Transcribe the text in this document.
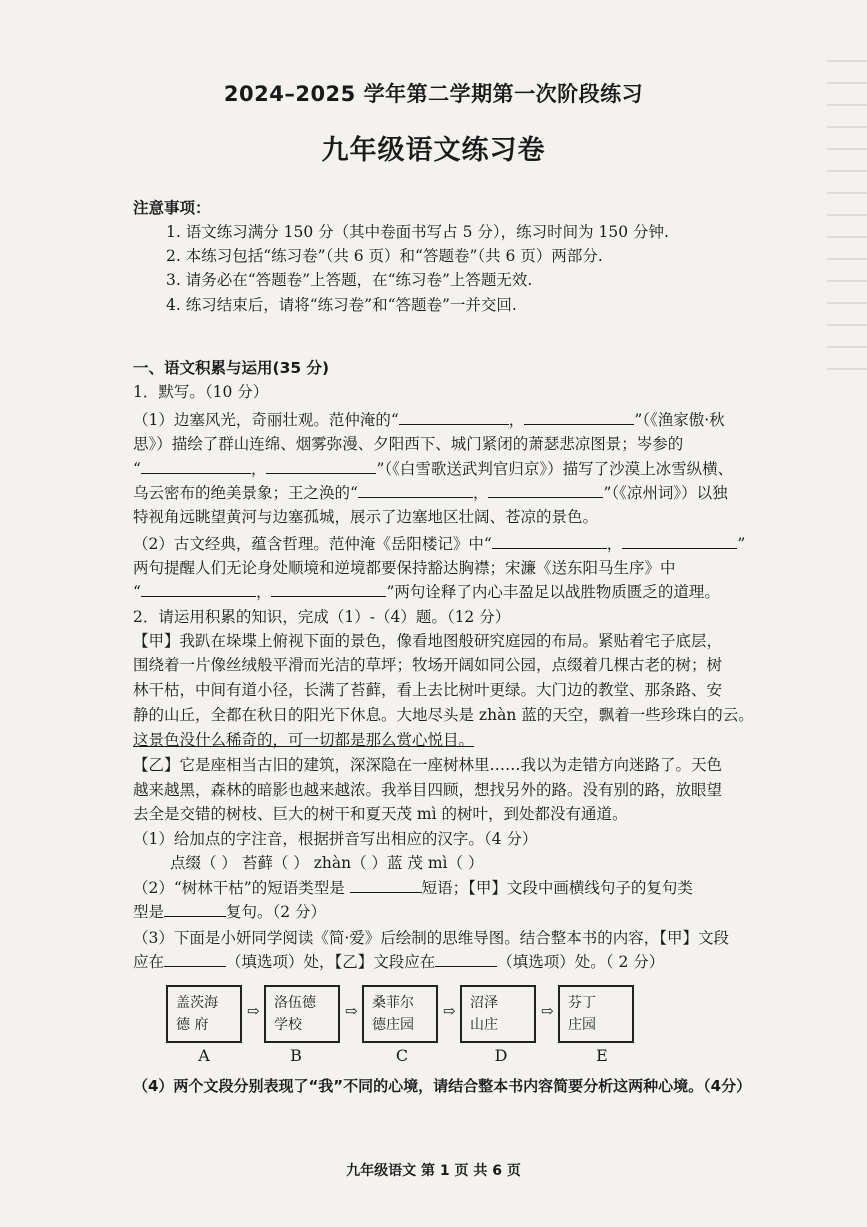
2024–2025 学年第二学期第一次阶段练习
九年级语文练习卷
注意事项：
1. 语文练习满分 150 分（其中卷面书写占 5 分），练习时间为 150 分钟.
2. 本练习包括“练习卷”（共 6 页）和“答题卷”（共 6 页）两部分.
3. 请务必在“答题卷”上答题，在“练习卷”上答题无效.
4. 练习结束后，请将“练习卷”和“答题卷”一并交回.
一、语文积累与运用(35 分)
1．默写。（10 分）
（1）边塞风光，奇丽壮观。范仲淹的“	，	”（《渔家傲·秋
思》）描绘了群山连绵、烟雾弥漫、夕阳西下、城门紧闭的萧瑟悲凉图景；岑参的
“	，	”（《白雪歌送武判官归京》）描写了沙漠上冰雪纵横、
乌云密布的绝美景象；王之涣的“	，	”（《凉州词》）以独
特视角远眺望黄河与边塞孤城，展示了边塞地区壮阔、苍凉的景色。
（2）古文经典，蕴含哲理。范仲淹《岳阳楼记》中“	，	”
两句提醒人们无论身处顺境和逆境都要保持豁达胸襟；宋濂《送东阳马生序》中
“	，	”两句诠释了内心丰盈足以战胜物质匮乏的道理。
2．请运用积累的知识，完成（1）-（4）题。（12 分）
【甲】我趴在垛堞上俯视下面的景色，像看地图般研究庭园的布局。紧贴着宅子底层，
围绕着一片像丝绒般平滑而光洁的草坪；牧场开阔如同公园，点缀着几棵古老的树；树
林干枯，中间有道小径，长满了苔藓，看上去比树叶更绿。大门边的教堂、那条路、安
静的山丘，全都在秋日的阳光下休息。大地尽头是 zhàn 蓝的天空，飘着一些珍珠白的云。
这景色没什么稀奇的，可一切都是那么赏心悦目。
【乙】它是座相当古旧的建筑，深深隐在一座树林里……我以为走错方向迷路了。天色
越来越黑，森林的暗影也越来越浓。我举目四顾，想找另外的路。没有别的路，放眼望
去全是交错的树枝、巨大的树干和夏天茂 mì 的树叶，到处都没有通道。
（1）给加点的字注音，根据拼音写出相应的汉字。（4 分）
点缀（ ） 苔藓（ ） zhàn（ ）蓝 茂 mì（ ）
（2）“树林干枯”的短语类型是	短语；【甲】文段中画横线句子的复句类
型是	复句。（2 分）
（3）下面是小妍同学阅读《简·爱》后绘制的思维导图。结合整本书的内容，【甲】文段
应在	（填选项）处，【乙】文段应在	（填选项）处。（ 2 分）
盖茨海
德 府
A
⇨ 洛伍德
学校
B
⇨ 桑菲尔
德庄园
C
⇨ 沼泽
山庄
D
⇨ 芬丁
庄园
E
（4）两个文段分别表现了“我”不同的心境，请结合整本书内容简要分析这两种心境。（4分）
九年级语文 第 1 页 共 6 页
